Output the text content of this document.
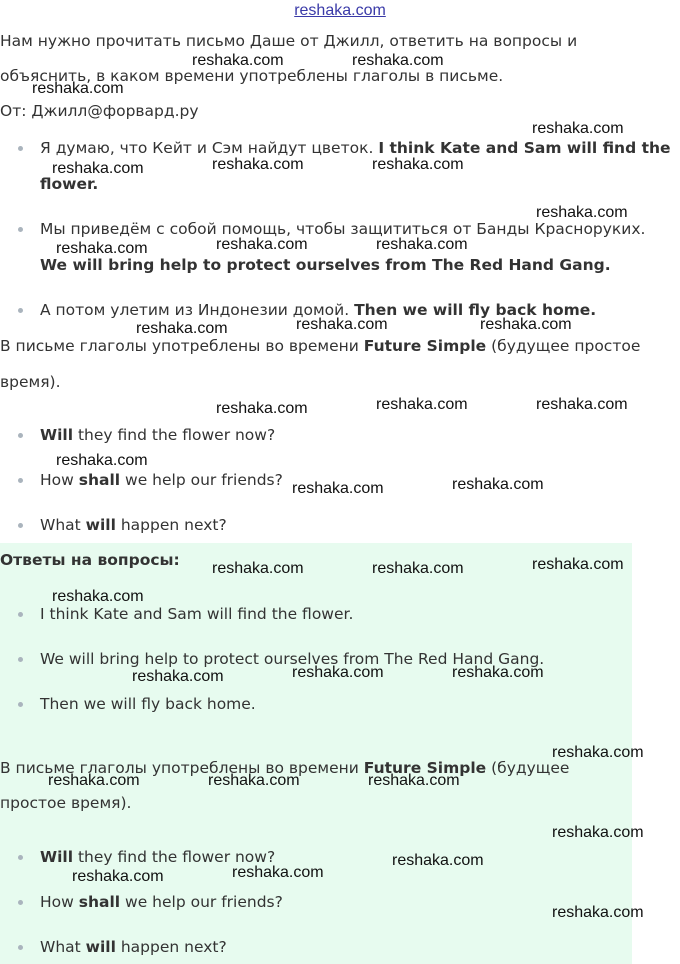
reshaka.com
Нам нужно прочитать письмо Даше от Джилл, ответить на вопросы и
объяснить, в каком времени употреблены глаголы в письме.
От: Джилл@форвард.ру
Я думаю, что Кейт и Сэм найдут цветок. I think Kate and Sam will find the
flower.
Мы приведём с собой помощь, чтобы защититься от Банды Красноруких.
We will bring help to protect ourselves from The Red Hand Gang.
А потом улетим из Индонезии домой. Then we will fly back home.
В письме глаголы употреблены во времени Future Simple (будущее простое
время).
Will they find the flower now?
How shall we help our friends?
What will happen next?
Ответы на вопросы:
I think Kate and Sam will find the flower.
We will bring help to protect ourselves from The Red Hand Gang.
Then we will fly back home.
В письме глаголы употреблены во времени Future Simple (будущее
простое время).
Will they find the flower now?
How shall we help our friends?
What will happen next?
reshaka.com	reshaka.com
reshaka.com
reshaka.com
reshaka.com	reshaka.com	reshaka.com
reshaka.com
reshaka.com	reshaka.com	reshaka.com
reshaka.com	reshaka.com	reshaka.com
reshaka.com	reshaka.com	reshaka.com
reshaka.com
reshaka.com	reshaka.com
reshaka.com	reshaka.com	reshaka.com
reshaka.com
reshaka.com	reshaka.com	reshaka.com
reshaka.com
reshaka.com	reshaka.com	reshaka.com
reshaka.com
reshaka.com
reshaka.com	reshaka.com
reshaka.com
